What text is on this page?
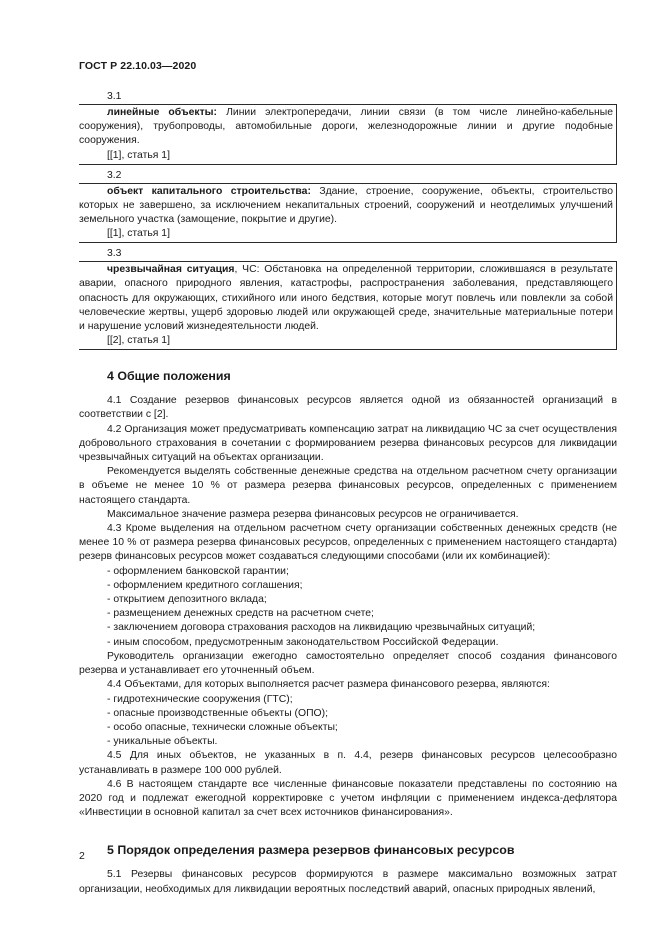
ГОСТ Р 22.10.03—2020
3.1

линейные объекты: Линии электропередачи, линии связи (в том числе линейно-кабельные сооружения), трубопроводы, автомобильные дороги, железнодорожные линии и другие подобные сооружения.

[[1], статья 1]

3.2

объект капитального строительства: Здание, строение, сооружение, объекты, строительство которых не завершено, за исключением некапитальных строений, сооружений и неотделимых улучшений земельного участка (замощение, покрытие и другие).

[[1], статья 1]

3.3

чрезвычайная ситуация, ЧС: Обстановка на определенной территории, сложившаяся в результате аварии, опасного природного явления, катастрофы, распространения заболевания, представляющего опасность для окружающих, стихийного или иного бедствия, которые могут повлечь или повлекли за собой человеческие жертвы, ущерб здоровью людей или окружающей среде, значительные материальные потери и нарушение условий жизнедеятельности людей.

[[2], статья 1]

4 Общие положения

4.1 Создание резервов финансовых ресурсов является одной из обязанностей организаций в соответствии с [2].

4.2 Организация может предусматривать компенсацию затрат на ликвидацию ЧС за счет осуществления добровольного страхования в сочетании с формированием резерва финансовых ресурсов для ликвидации чрезвычайных ситуаций на объектах организации.

Рекомендуется выделять собственные денежные средства на отдельном расчетном счету организации в объеме не менее 10 % от размера резерва финансовых ресурсов, определенных с применением настоящего стандарта.

Максимальное значение размера резерва финансовых ресурсов не ограничивается.

4.3 Кроме выделения на отдельном расчетном счету организации собственных денежных средств (не менее 10 % от размера резерва финансовых ресурсов, определенных с применением настоящего стандарта) резерв финансовых ресурсов может создаваться следующими способами (или их комбинацией):

- оформлением банковской гарантии;

- оформлением кредитного соглашения;

- открытием депозитного вклада;

- размещением денежных средств на расчетном счете;

- заключением договора страхования расходов на ликвидацию чрезвычайных ситуаций;

- иным способом, предусмотренным законодательством Российской Федерации.

Руководитель организации ежегодно самостоятельно определяет способ создания финансового резерва и устанавливает его уточненный объем.

4.4 Объектами, для которых выполняется расчет размера финансового резерва, являются:

- гидротехнические сооружения (ГТС);

- опасные производственные объекты (ОПО);

- особо опасные, технически сложные объекты;

- уникальные объекты.

4.5 Для иных объектов, не указанных в п. 4.4, резерв финансовых ресурсов целесообразно устанавливать в размере 100 000 рублей.

4.6 В настоящем стандарте все численные финансовые показатели представлены по состоянию на 2020 год и подлежат ежегодной корректировке с учетом инфляции с применением индекса-дефлятора «Инвестиции в основной капитал за счет всех источников финансирования».

5 Порядок определения размера резервов финансовых ресурсов

5.1 Резервы финансовых ресурсов формируются в размере максимально возможных затрат организации, необходимых для ликвидации вероятных последствий аварий, опасных природных явлений,

2
